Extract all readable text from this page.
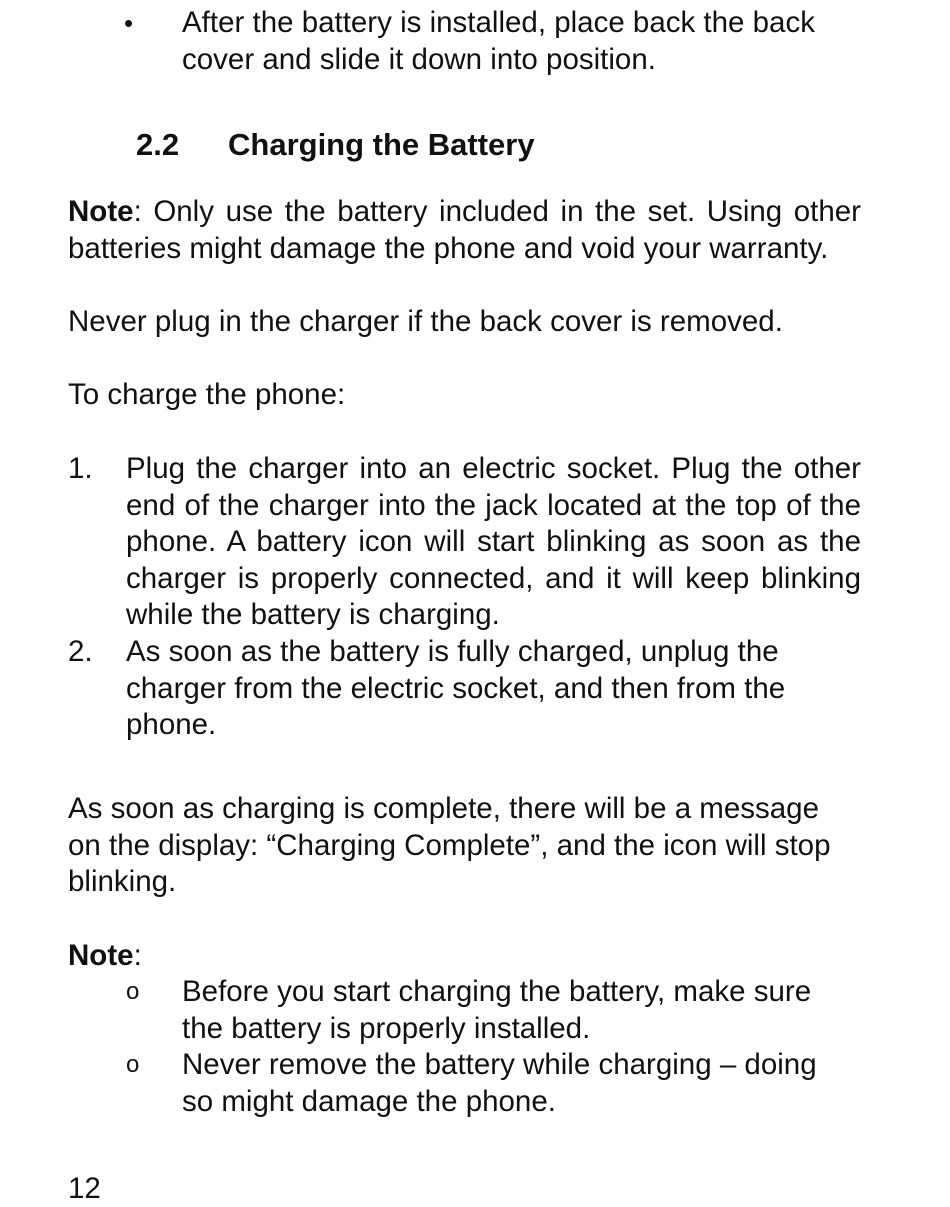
• After the battery is installed, place back the back cover and slide it down into position.
2.2 Charging the Battery
Note: Only use the battery included in the set. Using other batteries might damage the phone and void your warranty.
Never plug in the charger if the back cover is removed.
To charge the phone:
1. Plug the charger into an electric socket. Plug the other end of the charger into the jack located at the top of the phone. A battery icon will start blinking as soon as the charger is properly connected, and it will keep blinking while the battery is charging.
2. As soon as the battery is fully charged, unplug the charger from the electric socket, and then from the phone.
As soon as charging is complete, there will be a message on the display: “Charging Complete”, and the icon will stop blinking.
Note:
o Before you start charging the battery, make sure the battery is properly installed.
o Never remove the battery while charging – doing so might damage the phone.
12
